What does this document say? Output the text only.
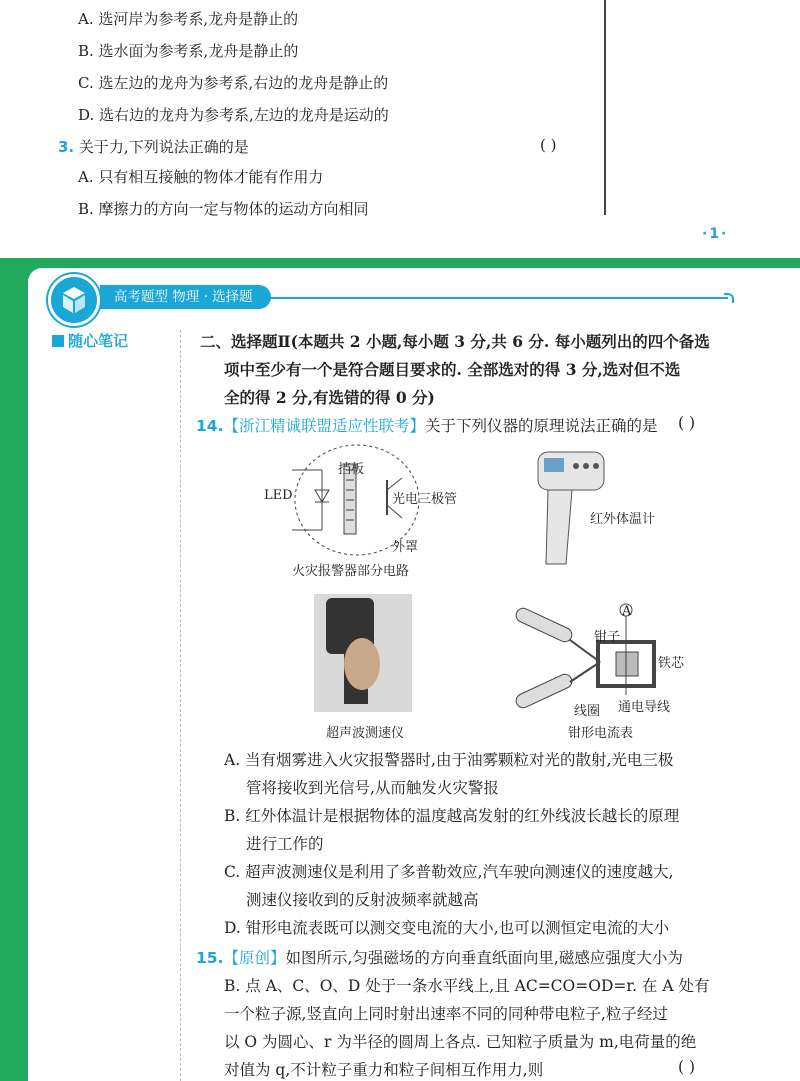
A. 选河岸为参考系,龙舟是静止的
B. 选水面为参考系,龙舟是静止的
C. 选左边的龙舟为参考系,右边的龙舟是静止的
D. 选右边的龙舟为参考系,左边的龙舟是运动的
3. 关于力,下列说法正确的是	( )
A. 只有相互接触的物体才能有作用力
B. 摩擦力的方向一定与物体的运动方向相同
·1·
高考题型 物理 · 选择题
随心笔记	二、选择题Ⅱ(本题共 2 小题,每小题 3 分,共 6 分. 每小题列出的四个备选
项中至少有一个是符合题目要求的. 全部选对的得 3 分,选对但不选
全的得 2 分,有选错的得 0 分)
14.【浙江精诚联盟适应性联考】关于下列仪器的原理说法正确的是 ( )
LED
挡板
光电三极管
外罩
火灾报警器部分电路
红外体温计
超声波测速仪
A
钳子
铁芯
线圈 通电导线
钳形电流表
A. 当有烟雾进入火灾报警器时,由于油雾颗粒对光的散射,光电三极
管将接收到光信号,从而触发火灾警报
B. 红外体温计是根据物体的温度越高发射的红外线波长越长的原理
进行工作的
C. 超声波测速仪是利用了多普勒效应,汽车驶向测速仪的速度越大,
测速仪接收到的反射波频率就越高
D. 钳形电流表既可以测交变电流的大小,也可以测恒定电流的大小
15.【原创】如图所示,匀强磁场的方向垂直纸面向里,磁感应强度大小为
B. 点 A、C、O、D 处于一条水平线上,且 AC=CO=OD=r. 在 A 处有
一个粒子源,竖直向上同时射出速率不同的同种带电粒子,粒子经过
以 O 为圆心、r 为半径的圆周上各点. 已知粒子质量为 m,电荷量的绝
对值为 q,不计粒子重力和粒子间相互作用力,则	( )
